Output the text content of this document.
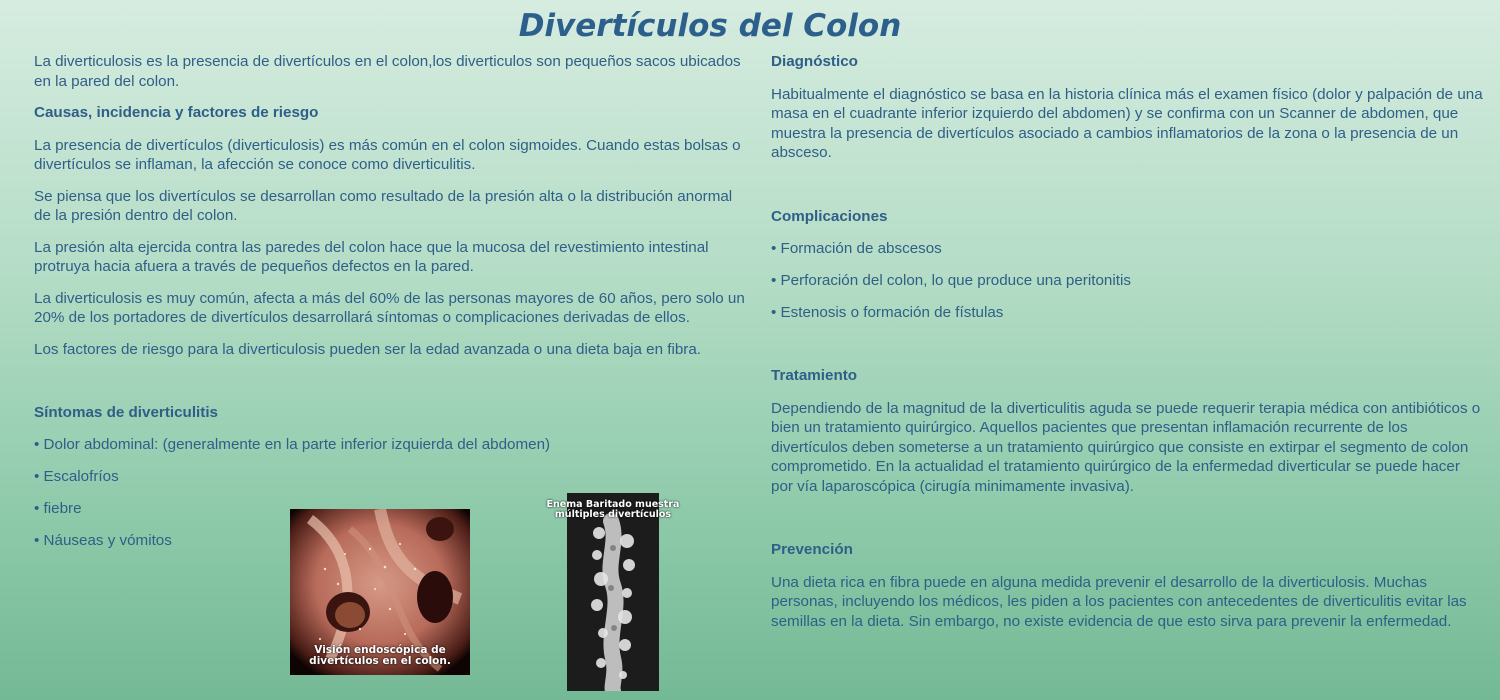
Divertículos del Colon

La diverticulosis es la presencia de divertículos en el colon,los diverticulos son pequeños sacos ubicados en la pared del colon.

Causas, incidencia y factores de riesgo

La presencia de divertículos (diverticulosis) es más común en el colon sigmoides. Cuando estas bolsas o divertículos se inflaman, la afección se conoce como diverticulitis.

Se piensa que los divertículos se desarrollan como resultado de la presión alta o la distribución anormal de la presión dentro del colon.

La presión alta ejercida contra las paredes del colon hace que la mucosa del revestimiento intestinal protruya hacia afuera a través de pequeños defectos en la pared.

La diverticulosis es muy común, afecta a más del 60% de las personas mayores de 60 años, pero solo un 20% de los portadores de divertículos desarrollará síntomas o complicaciones derivadas de ellos.

Los factores de riesgo para la diverticulosis pueden ser la edad avanzada o una dieta baja en fibra.

Síntomas de diverticulitis

• Dolor abdominal: (generalmente en la parte inferior izquierda del abdomen)
• Escalofríos
• fiebre
• Náuseas y vómitos
Visión endoscópica de divertículos en el colon.
Enema Baritado muestra múltiples divertículos

Diagnóstico

Habitualmente el diagnóstico se basa en la historia clínica más el examen físico (dolor y palpación de una masa en el cuadrante inferior izquierdo del abdomen) y se confirma con un Scanner de abdomen, que muestra la presencia de divertículos asociado a cambios inflamatorios de la zona o la presencia de un absceso.

Complicaciones

• Formación de abscesos
• Perforación del colon, lo que produce una peritonitis
• Estenosis o formación de fístulas

Tratamiento

Dependiendo de la magnitud de la diverticulitis aguda se puede requerir terapia médica con antibióticos o bien un tratamiento quirúrgico. Aquellos pacientes que presentan inflamación recurrente de los divertículos deben someterse a un tratamiento quirúrgico que consiste en extirpar el segmento de colon comprometido. En la actualidad el tratamiento quirúrgico de la enfermedad diverticular se puede hacer por vía laparoscópica (cirugía minimamente invasiva).

Prevención

Una dieta rica en fibra puede en alguna medida prevenir el desarrollo de la diverticulosis. Muchas personas, incluyendo los médicos, les piden a los pacientes con antecedentes de diverticulitis evitar las semillas en la dieta. Sin embargo, no existe evidencia de que esto sirva para prevenir la enfermedad.
